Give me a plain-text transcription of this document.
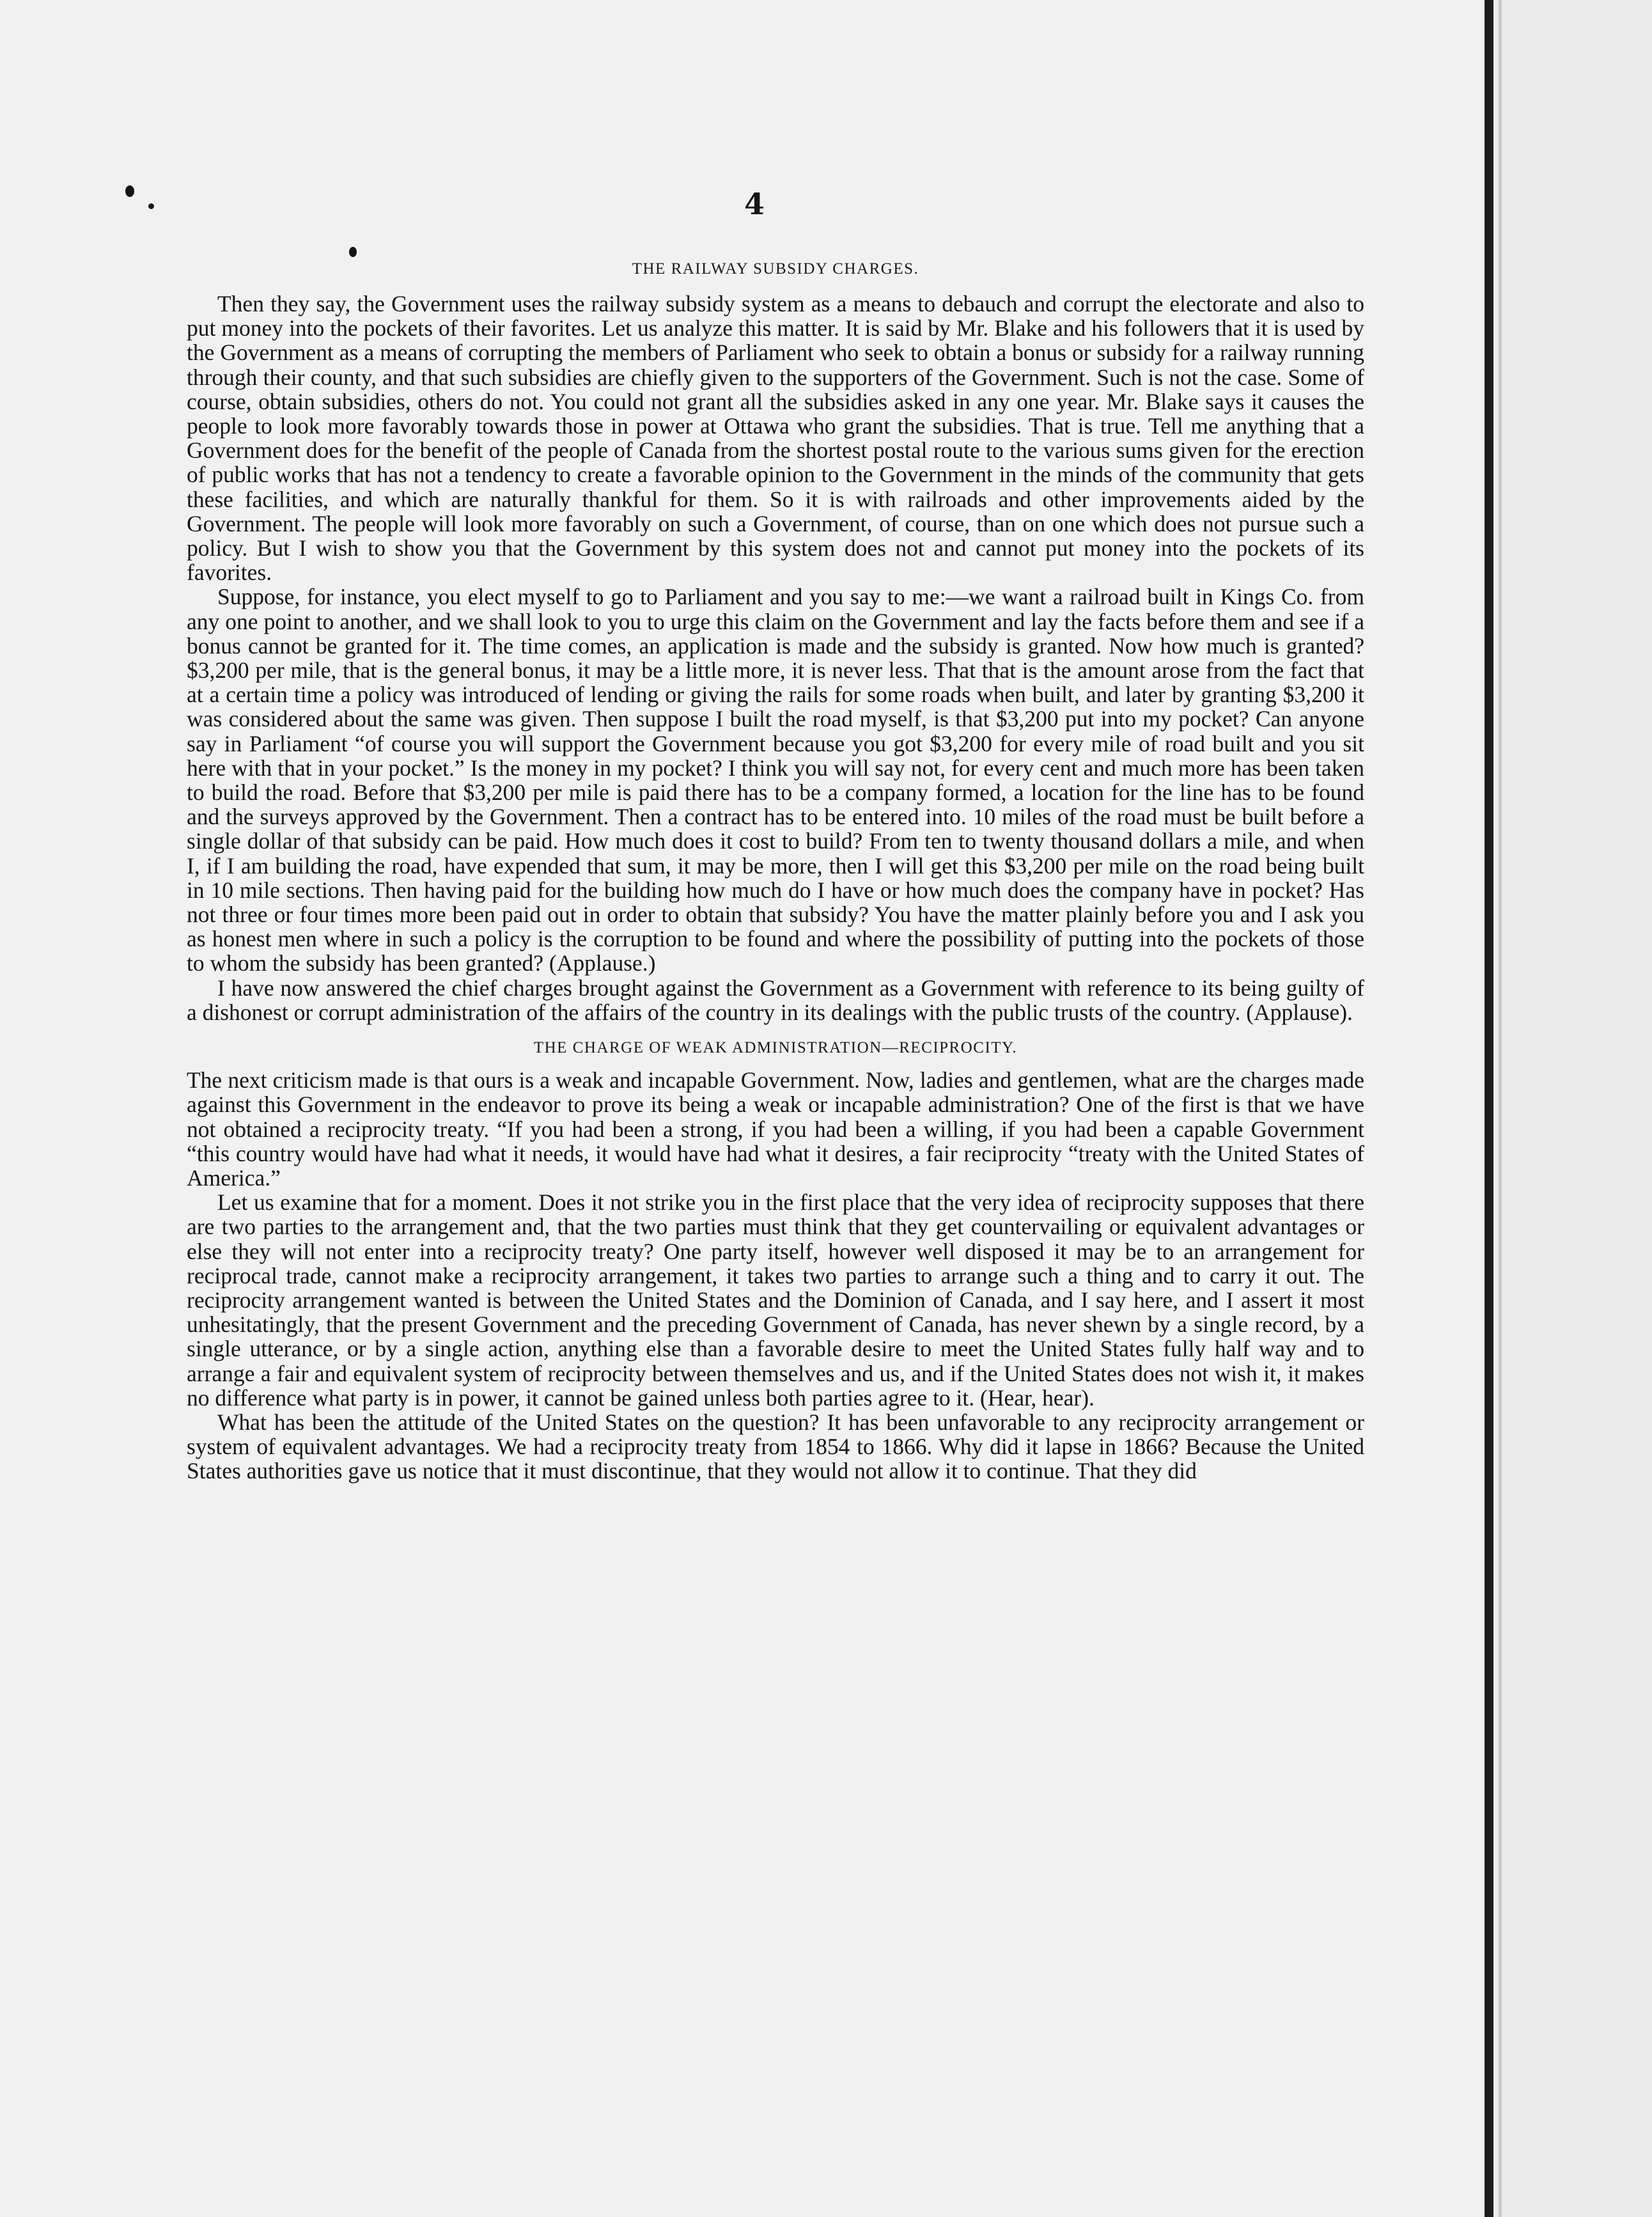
4
THE RAILWAY SUBSIDY CHARGES.

Then they say, the Government uses the railway subsidy system as a means to debauch and corrupt the electorate and also to put money into the pockets of their favorites. Let us analyze this matter. It is said by Mr. Blake and his followers that it is used by the Government as a means of corrupting the members of Parliament who seek to obtain a bonus or subsidy for a railway running through their county, and that such subsidies are chiefly given to the supporters of the Government. Such is not the case. Some of course, obtain subsidies, others do not. You could not grant all the subsidies asked in any one year. Mr. Blake says it causes the people to look more favorably towards those in power at Ottawa who grant the subsidies. That is true. Tell me anything that a Government does for the benefit of the people of Canada from the shortest postal route to the various sums given for the erection of public works that has not a tendency to create a favorable opinion to the Government in the minds of the community that gets these facilities, and which are naturally thankful for them. So it is with railroads and other improvements aided by the Government. The people will look more favorably on such a Government, of course, than on one which does not pursue such a policy. But I wish to show you that the Government by this system does not and cannot put money into the pockets of its favorites.

Suppose, for instance, you elect myself to go to Parliament and you say to me:—we want a railroad built in Kings Co. from any one point to another, and we shall look to you to urge this claim on the Government and lay the facts before them and see if a bonus cannot be granted for it. The time comes, an application is made and the subsidy is granted. Now how much is granted? $3,200 per mile, that is the general bonus, it may be a little more, it is never less. That that is the amount arose from the fact that at a certain time a policy was introduced of lending or giving the rails for some roads when built, and later by granting $3,200 it was considered about the same was given. Then suppose I built the road myself, is that $3,200 put into my pocket? Can anyone say in Parliament “of course you will support the Government because you got $3,200 for every mile of road built and you sit here with that in your pocket.” Is the money in my pocket? I think you will say not, for every cent and much more has been taken to build the road. Before that $3,200 per mile is paid there has to be a company formed, a location for the line has to be found and the surveys approved by the Government. Then a contract has to be entered into. 10 miles of the road must be built before a single dollar of that subsidy can be paid. How much does it cost to build? From ten to twenty thousand dollars a mile, and when I, if I am building the road, have expended that sum, it may be more, then I will get this $3,200 per mile on the road being built in 10 mile sections. Then having paid for the building how much do I have or how much does the company have in pocket? Has not three or four times more been paid out in order to obtain that subsidy? You have the matter plainly before you and I ask you as honest men where in such a policy is the corruption to be found and where the possibility of putting into the pockets of those to whom the subsidy has been granted? (Applause.)

I have now answered the chief charges brought against the Government as a Government with reference to its being guilty of a dishonest or corrupt administration of the affairs of the country in its dealings with the public trusts of the country. (Applause).

THE CHARGE OF WEAK ADMINISTRATION—RECIPROCITY.

The next criticism made is that ours is a weak and incapable Government. Now, ladies and gentlemen, what are the charges made against this Government in the endeavor to prove its being a weak or incapable administration? One of the first is that we have not obtained a reciprocity treaty. “If you had been a strong, if you had been a willing, if you had been a capable Government “this country would have had what it needs, it would have had what it desires, a fair reciprocity “treaty with the United States of America.”

Let us examine that for a moment. Does it not strike you in the first place that the very idea of reciprocity supposes that there are two parties to the arrangement and, that the two parties must think that they get countervailing or equivalent advantages or else they will not enter into a reciprocity treaty? One party itself, however well disposed it may be to an arrangement for reciprocal trade, cannot make a reciprocity arrangement, it takes two parties to arrange such a thing and to carry it out. The reciprocity arrangement wanted is between the United States and the Dominion of Canada, and I say here, and I assert it most unhesitatingly, that the present Government and the preceding Government of Canada, has never shewn by a single record, by a single utterance, or by a single action, anything else than a favorable desire to meet the United States fully half way and to arrange a fair and equivalent system of reciprocity between themselves and us, and if the United States does not wish it, it makes no difference what party is in power, it cannot be gained unless both parties agree to it. (Hear, hear).

What has been the attitude of the United States on the question? It has been unfavorable to any reciprocity arrangement or system of equivalent advantages. We had a reciprocity treaty from 1854 to 1866. Why did it lapse in 1866? Because the United States authorities gave us notice that it must discontinue, that they would not allow it to continue. That they did
